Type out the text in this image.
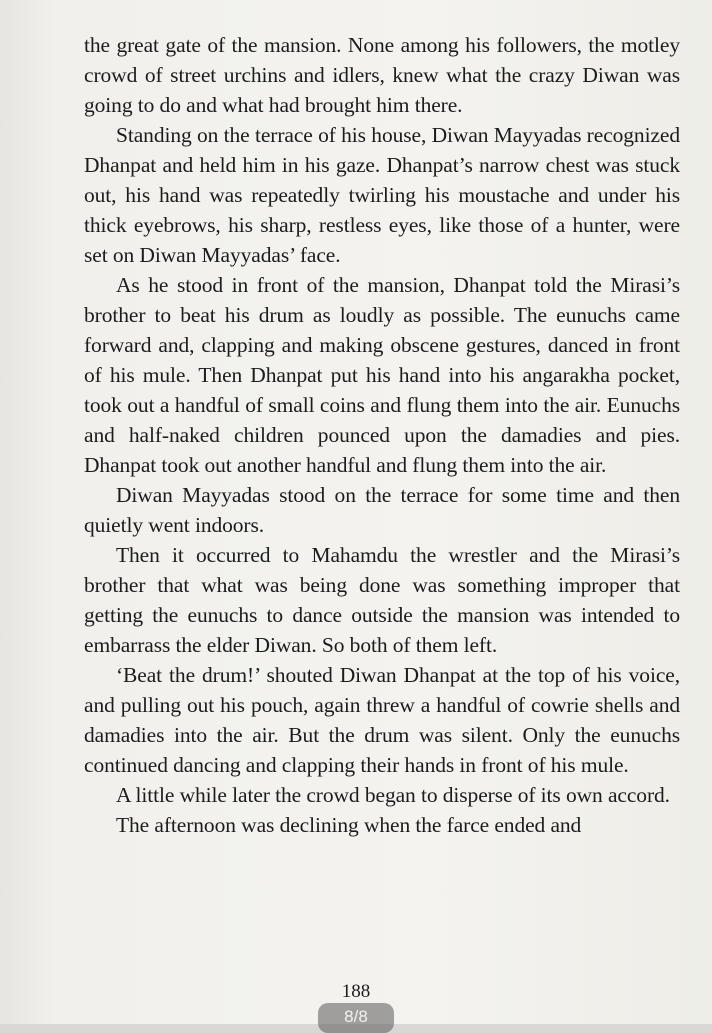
the great gate of the mansion. None among his followers, the motley crowd of street urchins and idlers, knew what the crazy Diwan was going to do and what had brought him there.

Standing on the terrace of his house, Diwan Mayyadas recognized Dhanpat and held him in his gaze. Dhanpat’s narrow chest was stuck out, his hand was repeatedly twirling his moustache and under his thick eyebrows, his sharp, restless eyes, like those of a hunter, were set on Diwan Mayyadas’ face.

As he stood in front of the mansion, Dhanpat told the Mirasi’s brother to beat his drum as loudly as possible. The eunuchs came forward and, clapping and making obscene gestures, danced in front of his mule. Then Dhanpat put his hand into his angarakha pocket, took out a handful of small coins and flung them into the air. Eunuchs and half-naked children pounced upon the damadies and pies. Dhanpat took out another handful and flung them into the air.

Diwan Mayyadas stood on the terrace for some time and then quietly went indoors.

Then it occurred to Mahamdu the wrestler and the Mirasi’s brother that what was being done was something improper that getting the eunuchs to dance outside the mansion was intended to embarrass the elder Diwan. So both of them left.

‘Beat the drum!’ shouted Diwan Dhanpat at the top of his voice, and pulling out his pouch, again threw a handful of cowrie shells and damadies into the air. But the drum was silent. Only the eunuchs continued dancing and clapping their hands in front of his mule.

A little while later the crowd began to disperse of its own accord.

The afternoon was declining when the farce ended and

188
8/8
